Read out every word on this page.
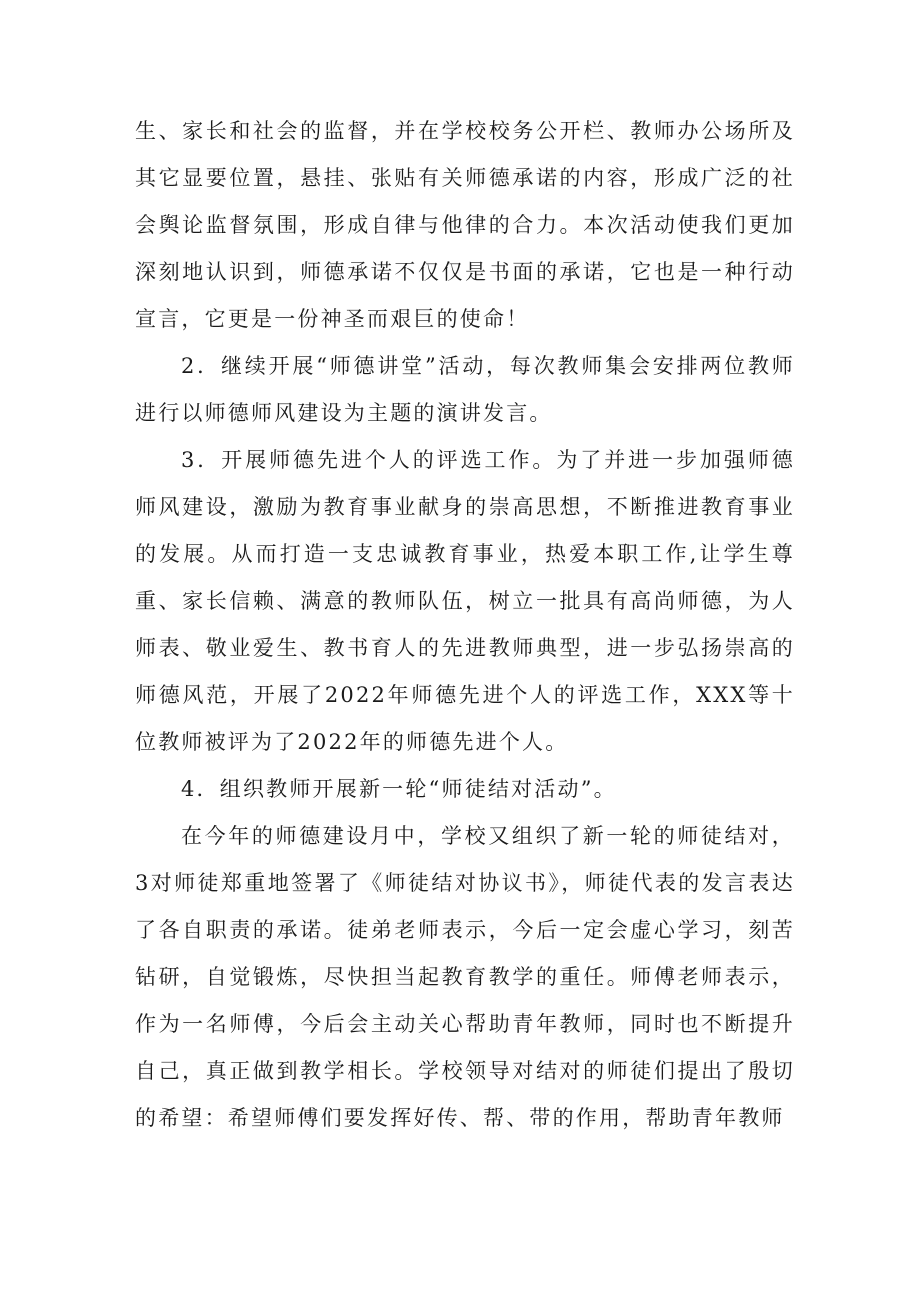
生、家长和社会的监督，并在学校校务公开栏、教师办公场所及其它显要位置，悬挂、张贴有关师德承诺的内容，形成广泛的社会舆论监督氛围，形成自律与他律的合力。本次活动使我们更加深刻地认识到，师德承诺不仅仅是书面的承诺，它也是一种行动宣言，它更是一份神圣而艰巨的使命！

2．继续开展“师德讲堂”活动，每次教师集会安排两位教师进行以师德师风建设为主题的演讲发言。

3．开展师德先进个人的评选工作。为了并进一步加强师德师风建设，激励为教育事业献身的崇高思想，不断推进教育事业的发展。从而打造一支忠诚教育事业，热爱本职工作,让学生尊重、家长信赖、满意的教师队伍，树立一批具有高尚师德，为人师表、敬业爱生、教书育人的先进教师典型，进一步弘扬崇高的师德风范，开展了2022年师德先进个人的评选工作，XXX等十位教师被评为了2022年的师德先进个人。

4．组织教师开展新一轮“师徒结对活动”。

在今年的师德建设月中，学校又组织了新一轮的师徒结对，3对师徒郑重地签署了《师徒结对协议书》，师徒代表的发言表达了各自职责的承诺。徒弟老师表示，今后一定会虚心学习，刻苦钻研，自觉锻炼，尽快担当起教育教学的重任。师傅老师表示，作为一名师傅，今后会主动关心帮助青年教师，同时也不断提升自己，真正做到教学相长。学校领导对结对的师徒们提出了殷切的希望：希望师傅们要发挥好传、帮、带的作用，帮助青年教师
